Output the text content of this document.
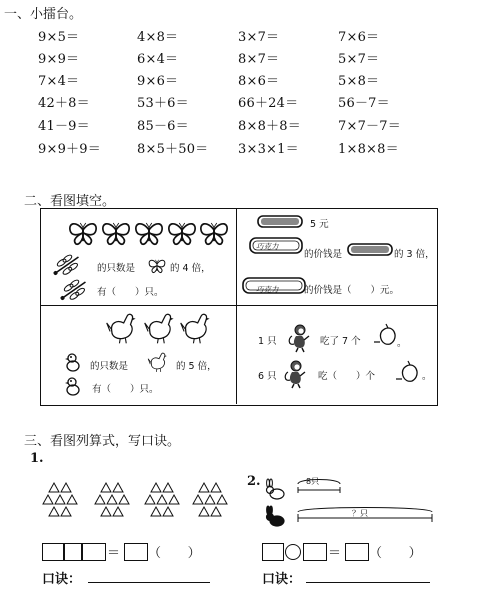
一、小擂台。
9×5＝	4×8＝	3×7＝	7×6＝
9×9＝	6×4＝	8×7＝	5×7＝
7×4＝	9×6＝	8×6＝	5×8＝
42＋8＝	53＋6＝	66＋24＝	56－7＝
41－9＝	85－6＝	8×8＋8＝	7×7－7＝
9×9＋9＝	8×5＋50＝ 3×3×1＝	1×8×8＝
二、看图填空。
的只数是	的 4 倍，
有（　　）只。
5 元
的价钱是	的 3 倍，
的价钱是（　　）元。
巧克力
巧克力
的只数是	的 5 倍，
有（　　）只。
1 只	吃了 7 个	。
6 只	吃（　　）个	。
三、看图列算式，写口诀。
1.
2.
＝ （　　）
口诀：
8只
？只
＝ （　　）
口诀：
